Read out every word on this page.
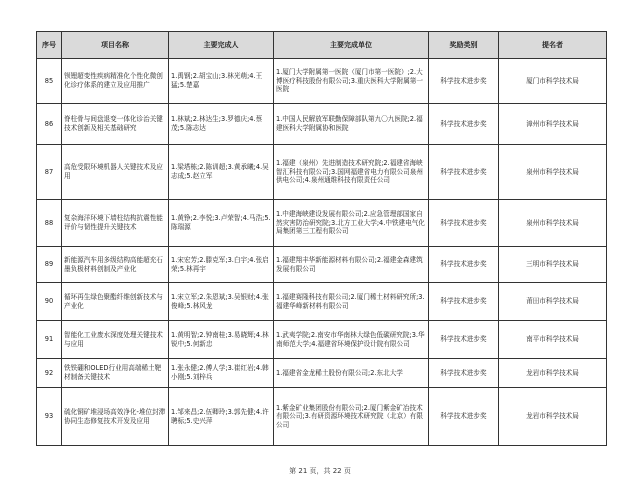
序号	项目名称	主要完成人	主要完成单位	奖励类别	提名者
85	钡锂超变性疾病精准化个性化微创化诊疗体系的建立及应用推广	1.禹钢;2.胡宝山;3.林光萌;4.王猛;5.楚嘉	1.厦门大学附属第一医院（厦门市第一医院）;2.大博医疗科技股份有限公司;3.重庆医科大学附属第一医院	科学技术进步奖	厦门市科学技术局
86	脊柱骨与间盘退变一体化诊治关键技术创新及相关基础研究	1.林斌;2.林达生;3.罗德庆;4.蔡茂;5.陈志达	1.中国人民解放军联勤保障部队第九〇九医院;2.福建医科大学附属协和医院	科学技术进步奖	漳州市科学技术局
87	高危受限环境机器人关键技术及应用	1.梁塔栋;2.陈训超;3.黄承曦;4.吴志成;5.赵立军	1.福建（泉州）先进制造技术研究院;2.福建省海峡智汇科技有限公司;3.国网福建省电力有限公司泉州供电公司;4.泉州通维科技有限责任公司	科学技术进步奖	泉州市科学技术局
88	复杂海洋环境下墙柱结构抗震性能评价与韧性提升关键技术	1.黄铮;2.李悦;3.卢荣智;4.马浩;5.陈瑞源	1.中建海峡建设发展有限公司;2.应急管理部国家自然灾害防治研究院;3.北方工业大学;4.中铁建电气化局集团第三工程有限公司	科学技术进步奖	泉州市科学技术局
89	新能源汽车用多级结构高能超充石墨负极材料创制及产业化	1.宋宏芳;2.滕克军;3.白宇;4.张启荣;5.林再宇	1.福建翔丰华新能源材料有限公司;2.福建金森建筑发展有限公司	科学技术进步奖	三明市科学技术局
90	循环再生绿色聚酯纤维创新技术与产业化	1.宋立军;2.朱恩斌;3.吴银财;4.张俊峰;5.林风龙	1.福建赛隆科技有限公司;2.厦门稀土材料研究所;3.福建华峰新材料有限公司	科学技术进步奖	莆田市科学技术局
91	智能化工业废水深度处理关键技术与应用	1.黄明智;2.钟南桂;3.易晓辉;4.林锐中;5.何新忠	1.武夷学院;2.南安市华南林大绿色低碳研究院;3.华南师范大学;4.福建省环境保护设计院有限公司	科学技术进步奖	南平市科学技术局
92	铁铁硼和OLED行业用高端稀土靶材制备关键技术	1.张永健;2.傅人学;3.崔红岩;4.韩小刚;5.刘梓兵	1.福建省金龙稀土股份有限公司;2.东北大学	科学技术进步奖	龙岩市科学技术局
93	硫化铜矿堆浸场高效净化-堆位封滞协同生态修复技术开发及应用	1.邹来昌;2.伍卿玲;3.郭先健;4.许聘标;5.史兴萍	1.紫金矿业集团股份有限公司;2.厦门紫金矿冶技术有限公司;3.有研资源环境技术研究院（北京）有限公司	科学技术进步奖	龙岩市科学技术局
第 21 页，共 22 页
